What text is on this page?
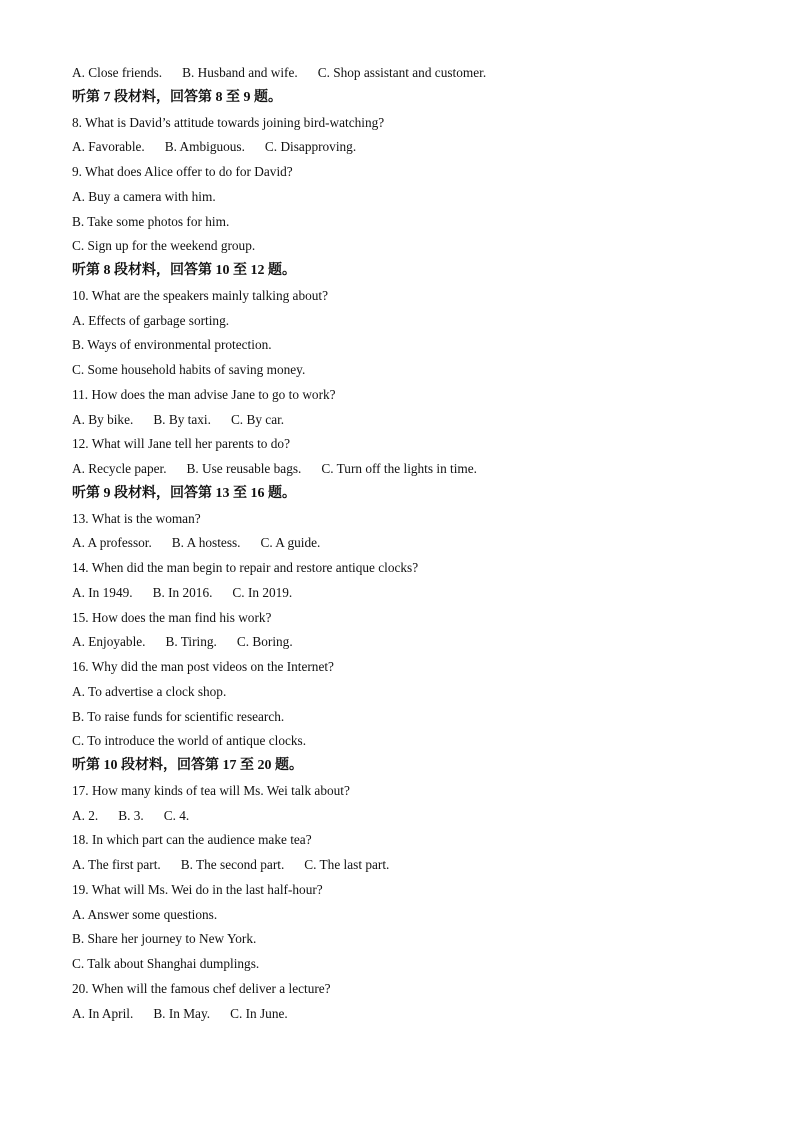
A. Close friends. B. Husband and wife. C. Shop assistant and customer.
听第 7 段材料，回答第 8 至 9 题。
8. What is David’s attitude towards joining bird-watching?
A. Favorable. B. Ambiguous. C. Disapproving.
9. What does Alice offer to do for David?
A. Buy a camera with him.
B. Take some photos for him.
C. Sign up for the weekend group.
听第 8 段材料，回答第 10 至 12 题。
10. What are the speakers mainly talking about?
A. Effects of garbage sorting.
B. Ways of environmental protection.
C. Some household habits of saving money.
11. How does the man advise Jane to go to work?
A. By bike. B. By taxi. C. By car.
12. What will Jane tell her parents to do?
A. Recycle paper. B. Use reusable bags. C. Turn off the lights in time.
听第 9 段材料，回答第 13 至 16 题。
13. What is the woman?
A. A professor. B. A hostess. C. A guide.
14. When did the man begin to repair and restore antique clocks?
A. In 1949. B. In 2016. C. In 2019.
15. How does the man find his work?
A. Enjoyable. B. Tiring. C. Boring.
16. Why did the man post videos on the Internet?
A. To advertise a clock shop.
B. To raise funds for scientific research.
C. To introduce the world of antique clocks.
听第 10 段材料，回答第 17 至 20 题。
17. How many kinds of tea will Ms. Wei talk about?
A. 2. B. 3. C. 4.
18. In which part can the audience make tea?
A. The first part. B. The second part. C. The last part.
19. What will Ms. Wei do in the last half-hour?
A. Answer some questions.
B. Share her journey to New York.
C. Talk about Shanghai dumplings.
20. When will the famous chef deliver a lecture?
A. In April. B. In May. C. In June.
